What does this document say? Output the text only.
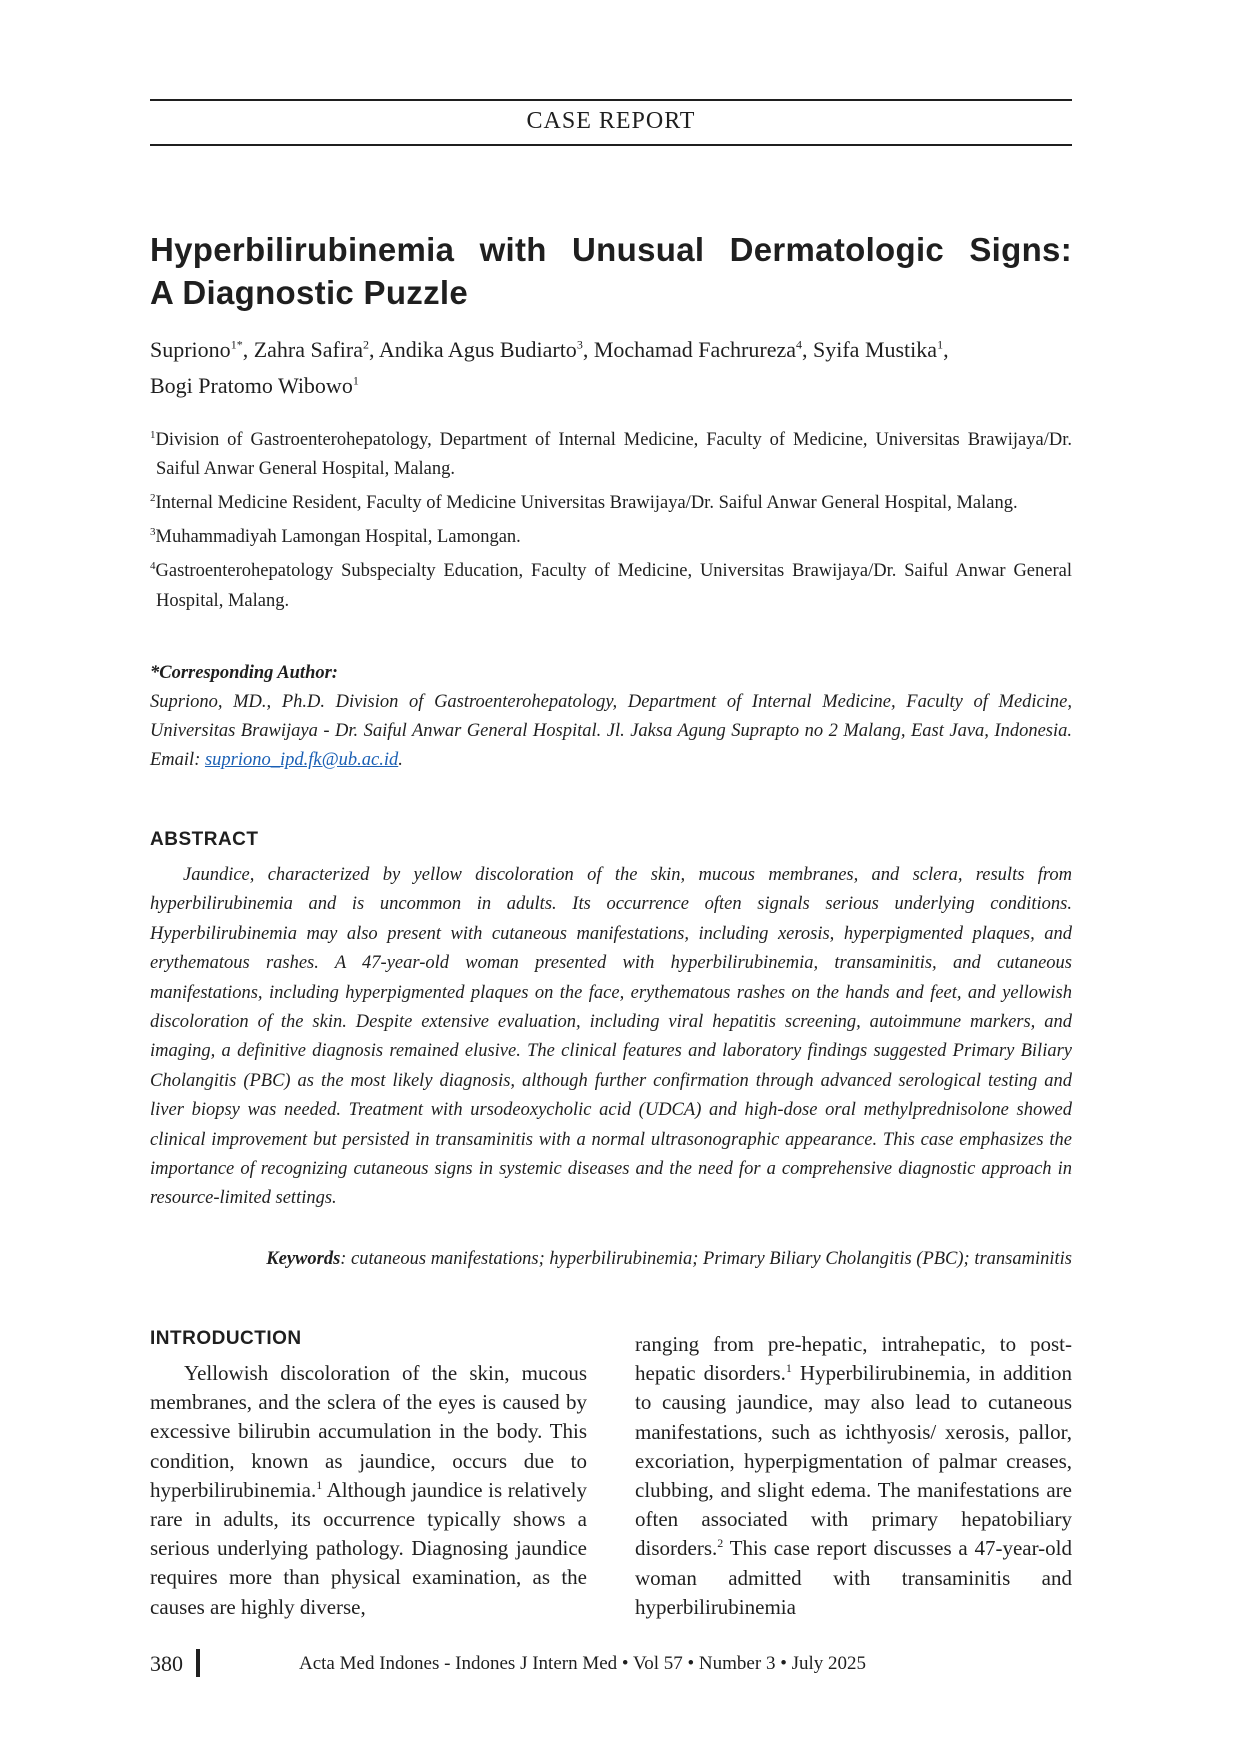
CASE REPORT
Hyperbilirubinemia with Unusual Dermatologic Signs:
A Diagnostic Puzzle
Supriono$^{1*}$, Zahra Safira$^2$, Andika Agus Budiarto$^3$, Mochamad Fachrureza$^4$, Syifa Mustika$^1$,
Bogi Pratomo Wibowo$^1$
$^1$Division of Gastroenterohepatology, Department of Internal Medicine, Faculty of Medicine, Universitas Brawijaya/Dr. Saiful Anwar General Hospital, Malang.
$^2$Internal Medicine Resident, Faculty of Medicine Universitas Brawijaya/Dr. Saiful Anwar General Hospital, Malang.
$^3$Muhammadiyah Lamongan Hospital, Lamongan.
$^4$Gastroenterohepatology Subspecialty Education, Faculty of Medicine, Universitas Brawijaya/Dr. Saiful Anwar General Hospital, Malang.
*Corresponding Author:
Supriono, MD., Ph.D. Division of Gastroenterohepatology, Department of Internal Medicine, Faculty of Medicine, Universitas Brawijaya - Dr. Saiful Anwar General Hospital. Jl. Jaksa Agung Suprapto no 2 Malang, East Java, Indonesia. Email: supriono_ipd.fk@ub.ac.id.
ABSTRACT

Jaundice, characterized by yellow discoloration of the skin, mucous membranes, and sclera, results from hyperbilirubinemia and is uncommon in adults. Its occurrence often signals serious underlying conditions. Hyperbilirubinemia may also present with cutaneous manifestations, including xerosis, hyperpigmented plaques, and erythematous rashes. A 47-year-old woman presented with hyperbilirubinemia, transaminitis, and cutaneous manifestations, including hyperpigmented plaques on the face, erythematous rashes on the hands and feet, and yellowish discoloration of the skin. Despite extensive evaluation, including viral hepatitis screening, autoimmune markers, and imaging, a definitive diagnosis remained elusive. The clinical features and laboratory findings suggested Primary Biliary Cholangitis (PBC) as the most likely diagnosis, although further confirmation through advanced serological testing and liver biopsy was needed. Treatment with ursodeoxycholic acid (UDCA) and high-dose oral methylprednisolone showed clinical improvement but persisted in transaminitis with a normal ultrasonographic appearance. This case emphasizes the importance of recognizing cutaneous signs in systemic diseases and the need for a comprehensive diagnostic approach in resource-limited settings.

Keywords: cutaneous manifestations; hyperbilirubinemia; Primary Biliary Cholangitis (PBC); transaminitis
INTRODUCTION

Yellowish discoloration of the skin, mucous membranes, and the sclera of the eyes is caused by excessive bilirubin accumulation in the body. This condition, known as jaundice, occurs due to hyperbilirubinemia.$^1$ Although jaundice is relatively rare in adults, its occurrence typically shows a serious underlying pathology. Diagnosing jaundice requires more than physical examination, as the causes are highly diverse,

ranging from pre-hepatic, intrahepatic, to post-hepatic disorders.$^1$ Hyperbilirubinemia, in addition to causing jaundice, may also lead to cutaneous manifestations, such as ichthyosis/ xerosis, pallor, excoriation, hyperpigmentation of palmar creases, clubbing, and slight edema. The manifestations are often associated with primary hepatobiliary disorders.$^2$ This case report discusses a 47-year-old woman admitted with transaminitis and hyperbilirubinemia

380	Acta Med Indones - Indones J Intern Med • Vol 57 • Number 3 • July 2025
